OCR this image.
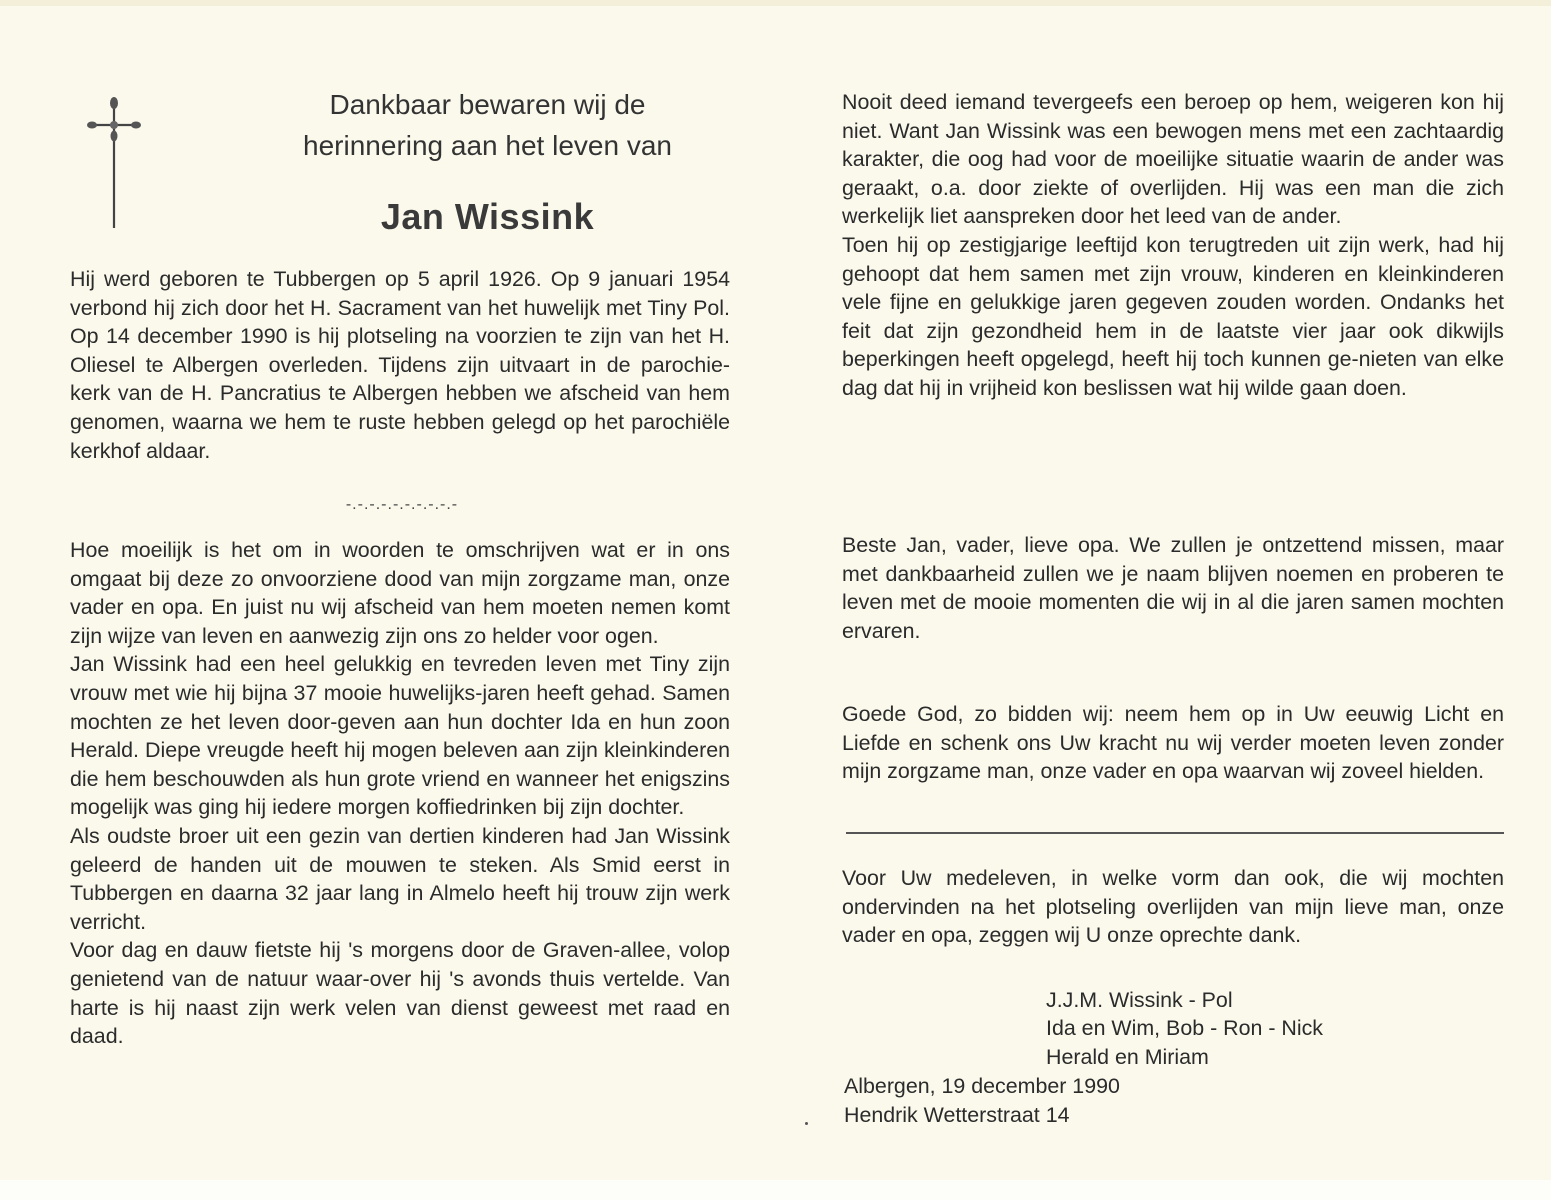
Dankbaar bewaren wij de
herinnering aan het leven van
Jan Wissink

Hij werd geboren te Tubbergen op 5 april 1926. Op 9 januari 1954 verbond hij zich door het H. Sacrament van het huwelijk met Tiny Pol. Op 14 december 1990 is hij plotseling na voorzien te zijn van het H. Oliesel te Albergen overleden. Tijdens zijn uitvaart in de parochie-kerk van de H. Pancratius te Albergen hebben we afscheid van hem genomen, waarna we hem te ruste hebben gelegd op het parochiële kerkhof aldaar.

-.-.-.-.-.-.-.-.-.-

Hoe moeilijk is het om in woorden te omschrijven wat er in ons omgaat bij deze zo onvoorziene dood van mijn zorgzame man, onze vader en opa. En juist nu wij afscheid van hem moeten nemen komt zijn wijze van leven en aanwezig zijn ons zo helder voor ogen.

Jan Wissink had een heel gelukkig en tevreden leven met Tiny zijn vrouw met wie hij bijna 37 mooie huwelijks-jaren heeft gehad. Samen mochten ze het leven door-geven aan hun dochter Ida en hun zoon Herald. Diepe vreugde heeft hij mogen beleven aan zijn kleinkinderen die hem beschouwden als hun grote vriend en wanneer het enigszins mogelijk was ging hij iedere morgen koffiedrinken bij zijn dochter.

Als oudste broer uit een gezin van dertien kinderen had Jan Wissink geleerd de handen uit de mouwen te steken. Als Smid eerst in Tubbergen en daarna 32 jaar lang in Almelo heeft hij trouw zijn werk verricht.

Voor dag en dauw fietste hij 's morgens door de Graven-allee, volop genietend van de natuur waar-over hij 's avonds thuis vertelde. Van harte is hij naast zijn werk velen van dienst geweest met raad en daad.

Nooit deed iemand tevergeefs een beroep op hem, weigeren kon hij niet. Want Jan Wissink was een bewogen mens met een zachtaardig karakter, die oog had voor de moeilijke situatie waarin de ander was geraakt, o.a. door ziekte of overlijden. Hij was een man die zich werkelijk liet aanspreken door het leed van de ander.

Toen hij op zestigjarige leeftijd kon terugtreden uit zijn werk, had hij gehoopt dat hem samen met zijn vrouw, kinderen en kleinkinderen vele fijne en gelukkige jaren gegeven zouden worden. Ondanks het feit dat zijn gezondheid hem in de laatste vier jaar ook dikwijls beperkingen heeft opgelegd, heeft hij toch kunnen ge-nieten van elke dag dat hij in vrijheid kon beslissen wat hij wilde gaan doen.

Beste Jan, vader, lieve opa. We zullen je ontzettend missen, maar met dankbaarheid zullen we je naam blijven noemen en proberen te leven met de mooie momenten die wij in al die jaren samen mochten ervaren.

Goede God, zo bidden wij: neem hem op in Uw eeuwig Licht en Liefde en schenk ons Uw kracht nu wij verder moeten leven zonder mijn zorgzame man, onze vader en opa waarvan wij zoveel hielden.

Voor Uw medeleven, in welke vorm dan ook, die wij mochten ondervinden na het plotseling overlijden van mijn lieve man, onze vader en opa, zeggen wij U onze oprechte dank.

J.J.M. Wissink - Pol
Ida en Wim, Bob - Ron - Nick
Herald en Miriam
Albergen, 19 december 1990
Hendrik Wetterstraat 14
